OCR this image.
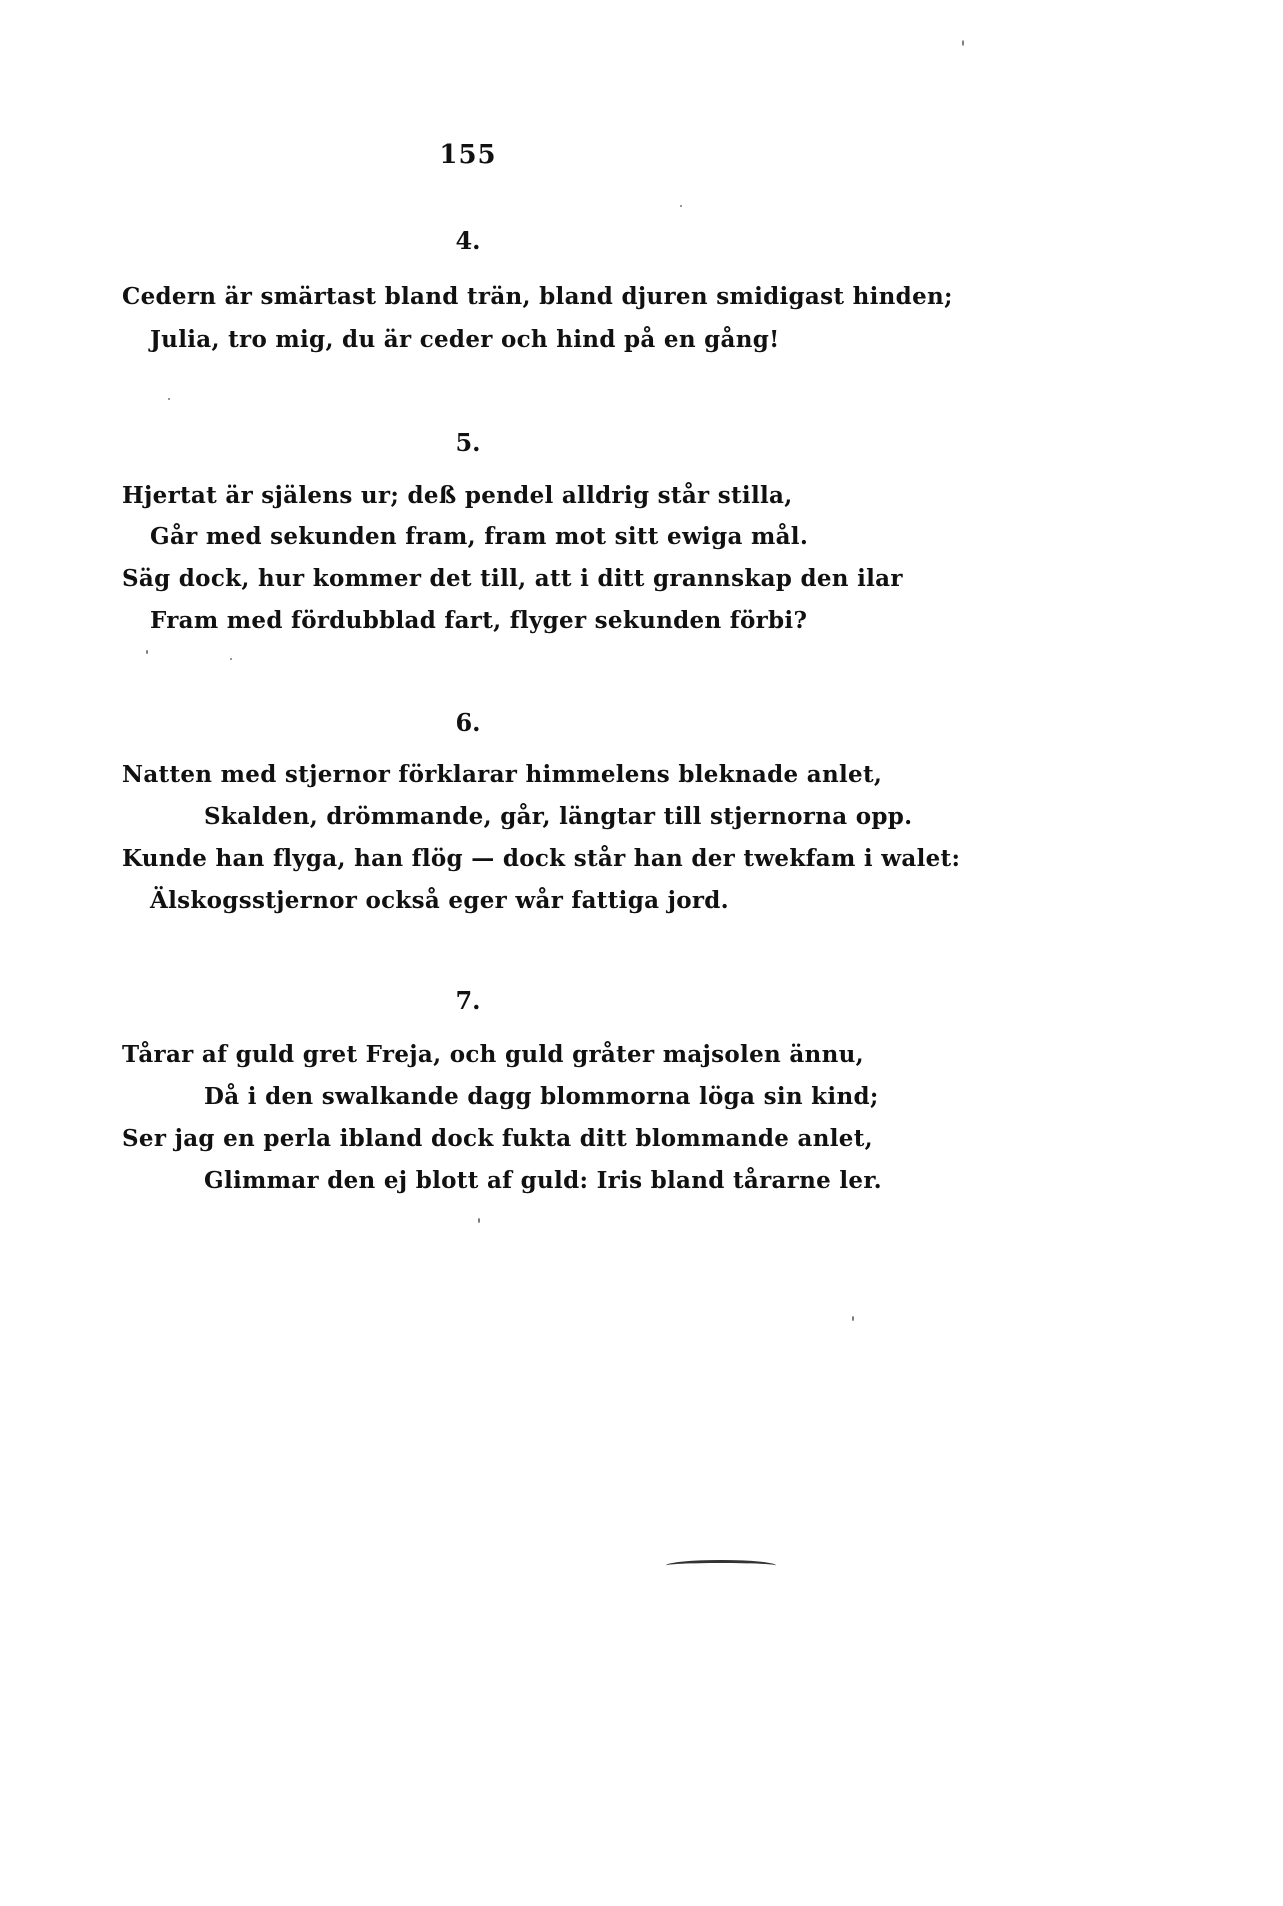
155
4.
Cedern är smärtast bland trän, bland djuren smidigast hinden;
Julia, tro mig, du är ceder och hind på en gång!
5.
Hjertat är själens ur; deß pendel alldrig står stilla,
Går med sekunden fram, fram mot sitt ewiga mål.
Säg dock, hur kommer det till, att i ditt grannskap den ilar
Fram med fördubblad fart, flyger sekunden förbi?
6.
Natten med stjernor förklarar himmelens bleknade anlet,
Skalden, drömmande, går, längtar till stjernorna opp.
Kunde han flyga, han flög — dock står han der twekfam i walet:
Älskogsstjernor också eger wår fattiga jord.
7.
Tårar af guld gret Freja, och guld gråter majsolen ännu,
Då i den swalkande dagg blommorna löga sin kind;
Ser jag en perla ibland dock fukta ditt blommande anlet,
Glimmar den ej blott af guld: Iris bland tårarne ler.
